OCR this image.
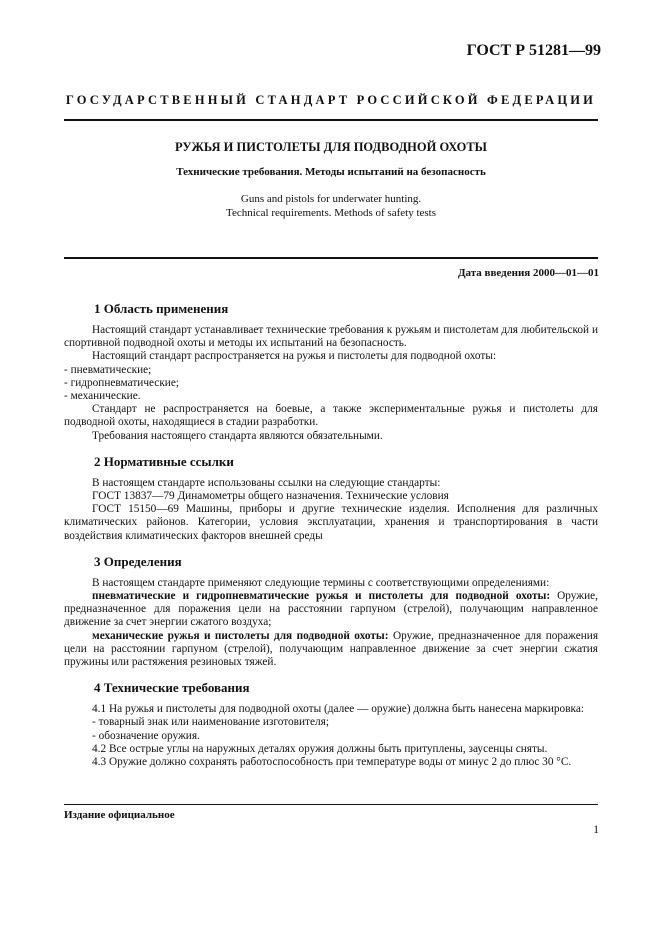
ГОСТ Р 51281—99
ГОСУДАРСТВЕННЫЙ СТАНДАРТ РОССИЙСКОЙ ФЕДЕРАЦИИ
РУЖЬЯ И ПИСТОЛЕТЫ ДЛЯ ПОДВОДНОЙ ОХОТЫ
Технические требования. Методы испытаний на безопасность
Guns and pistols for underwater hunting.
Technical requirements. Methods of safety tests
Дата введения 2000—01—01
1 Область применения

Настоящий стандарт устанавливает технические требования к ружьям и пистолетам для любительской и спортивной подводной охоты и методы их испытаний на безопасность.

Настоящий стандарт распространяется на ружья и пистолеты для подводной охоты:

- пневматические;

- гидропневматические;

- механические.

Стандарт не распространяется на боевые, а также экспериментальные ружья и пистолеты для подводной охоты, находящиеся в стадии разработки.

Требования настоящего стандарта являются обязательными.

2 Нормативные ссылки

В настоящем стандарте использованы ссылки на следующие стандарты:

ГОСТ 13837—79 Динамометры общего назначения. Технические условия

ГОСТ 15150—69 Машины, приборы и другие технические изделия. Исполнения для различных климатических районов. Категории, условия эксплуатации, хранения и транспортирования в части воздействия климатических факторов внешней среды

3 Определения

В настоящем стандарте применяют следующие термины с соответствующими определениями:

пневматические и гидропневматические ружья и пистолеты для подводной охоты: Оружие, предназначенное для поражения цели на расстоянии гарпуном (стрелой), получающим направленное движение за счет энергии сжатого воздуха;

механические ружья и пистолеты для подводной охоты: Оружие, предназначенное для поражения цели на расстоянии гарпуном (стрелой), получающим направленное движение за счет энергии сжатия пружины или растяжения резиновых тяжей.

4 Технические требования

4.1 На ружья и пистолеты для подводной охоты (далее — оружие) должна быть нанесена маркировка:

- товарный знак или наименование изготовителя;

- обозначение оружия.

4.2 Все острые углы на наружных деталях оружия должны быть притуплены, заусенцы сняты.

4.3 Оружие должно сохранять работоспособность при температуре воды от минус 2 до плюс 30 °С.

Издание официальное
1
